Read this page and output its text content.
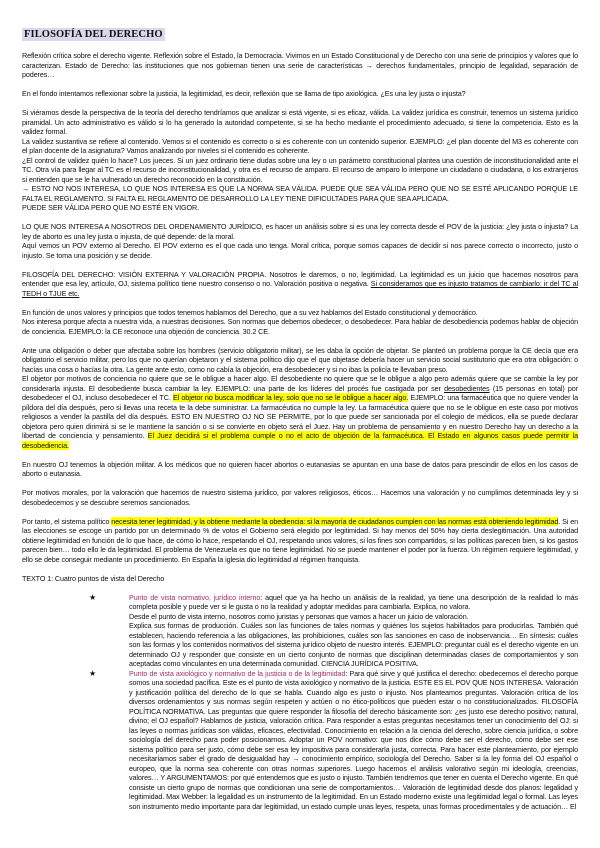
FILOSOFÍA DEL DERECHO

Reflexión crítica sobre el derecho vigente. Reflexión sobre el Estado, la Democracia. Vivimos en un Estado Constitucional y de Derecho con una serie de principios y valores que lo caracterizan. Estado de Derecho: las instituciones que nos gobiernan tienen una serie de características → derechos fundamentales, principio de legalidad, separación de poderes…

En el fondo intentamos reflexionar sobre la justicia, la legitimidad, es decir, reflexión que se llama de tipo axiológica. ¿Es una ley justa o injusta?

Si viéramos desde la perspectiva de la teoría del derecho tendríamos que analizar si está vigente, si es eficaz, válida. La validez jurídica es construir, tenemos un sistema jurídico piramidal. Un acto administrativo es válido si lo ha generado la autoridad competente, si se ha hecho mediante el procedimiento adecuado, si tiene la competencia. Esto es la validez formal.

La validez sustantiva se refiere al contenido. Vemos si el contenido es correcto o si es coherente con un contenido superior. EJEMPLO: ¿el plan docente del M3 es coherente con el plan docente de la asignatura? Vamos analizando por niveles si el contenido es coherente.

¿El control de validez quién lo hace? Los jueces. Si un juez ordinario tiene dudas sobre una ley o un parámetro constitucional plantea una cuestión de inconstitucionalidad ante el TC. Otra vía para llegar al TC es el recurso de inconstitucionalidad, y otra es el recurso de amparo. El recurso de amparo lo interpone un ciudadano o ciudadana, o los extranjeros si entienden que se le ha vulnerado un derecho reconocido en la constitución.

→ ESTO NO NOS INTERESA, LO QUE NOS INTERESA ES QUE LA NORMA SEA VÁLIDA. PUEDE QUE SEA VÁLIDA PERO QUE NO SE ESTÉ APLICANDO PORQUE LE FALTA EL REGLAMENTO. SI FALTA EL REGLAMENTO DE DESARROLLO LA LEY TIENE DIFICULTADES PARA QUE SEA APLICADA.

PUEDE SER VÁLIDA PERO QUE NO ESTÉ EN VIGOR.

LO QUE NOS INTERESA A NOSOTROS DEL ORDENAMIENTO JURÍDICO, es hacer un análisis sobre si es una ley correcta desde el POV de la justicia: ¿ley justa o injusta? La ley de aborto es una ley justa o injusta, de qué depende: de la moral.

Aquí vemos un POV externo al Derecho. El POV externo es el que cada uno tenga. Moral crítica, porque somos capaces de decidir si nos parece correcto o incorrecto, justo o injusto. Se toma una posición y se decide.

FILOSOFÍA DEL DERECHO: VISIÓN EXTERNA Y VALORACIÓN PROPIA. Nosotros le daremos, o no, legitimidad. La legitimidad es un juicio que hacemos nosotros para entender que esa ley, artículo, OJ, sistema político tiene nuestro consenso o no. Valoración positiva o negativa. Si consideramos que es injusto tratamos de cambiarlo: ir del TC al TEDH o TJUE etc.

En función de unos valores y principios que todos tenemos hablamos del Derecho, que a su vez hablamos del Estado constitucional y democrático.

Nos interesa porque afecta a nuestra vida, a nuestras decisiones. Son normas que debemos obedecer, o desobedecer. Para hablar de desobediencia podemos hablar de objeción de conciencia. EJEMPLO: la CE reconoce una objeción de conciencia. 30.2 CE.

Ante una obligación o deber que afectaba sobre los hombres (servicio obligatorio militar), se les daba la opción de objetar. Se planteó un problema porque la CE decía que era obligatorio el servicio militar, pero los que no querían objetaron y el sistema político dijo que el que objetase debería hacer un servicio social sustitutorio que era otra obligación: o hacías una cosa o hacías la otra. La gente ante esto, como no cabía la objeción, era desobedecer y si no ibas la policía te llevaban preso.

El objetor por motivos de conciencia no quiere que se le obligue a hacer algo. El desobediente no quiere que se le obligue a algo pero además quiere que se cambie la ley por considerarla injusta. El desobediente busca cambiar la ley. EJEMPLO: una parte de los líderes del procés fue castigada por ser desobedientes (15 personas en total) por desobedecer el OJ, incluso desobedecer el TC. El objetor no busca modificar la ley, solo que no se le obligue a hacer algo. EJEMPLO: una farmacéutica que no quiere vender la píldora del día después, pero si llevas una receta te la debe suministrar. La farmacéutica no cumple la ley. La farmacéutica quiere que no se le obligue en este caso por motivos religiosos a vender la pastilla del día después. ESTO EN NUESTRO OJ NO SE PERMITE, por lo que puede ser sancionada por el colegio de médicos, ella se puede declarar objetora pero quien dirimirá si se le mantiene la sanción o si se convierte en objeto será el Juez. Hay un problema de pensamiento y en nuestro Derecho hay un derecho a la libertad de conciencia y pensamiento. El Juez decidirá si el problema cumple o no el acto de objeción de la farmacéutica. El Estado en algunos casos puede permitir la desobediencia.

En nuestro OJ tenemos la objeción militar. A los médicos que no quieren hacer abortos o eutanasias se apuntan en una base de datos para prescindir de ellos en los casos de aborto o eutanasia.

Por motivos morales, por la valoración que hacemos de nuestro sistema jurídico, por valores religiosos, éticos… Hacemos una valoración y no cumplimos determinada ley y si desobedecemos y se descubre seremos sancionados.

Por tanto, el sistema político necesita tener legitimidad, y la obtiene mediante la obediencia: si la mayoría de ciudadanos cumplen con las normas está obteniendo legitimidad. Si en las elecciones se escoge un partido por un determinado % de votos el Gobierno será elegido por legitimidad. Si hay menos del 50% hay cierta deslegitimación. Una autoridad obtiene legitimidad en función de lo que hace, de cómo lo hace, respetando el OJ, respetando unos valores, si los fines son compartidos, si las políticas parecen bien, si los gastos parecen bien… todo ello le da legitimidad. El problema de Venezuela es que no tiene legitimidad. No se puede mantener el poder por la fuerza. Un régimen requiere legitimidad, y ello se debe conseguir mediante un procedimiento. En España la iglesia dio legitimidad al régimen franquista.

TEXTO 1: Cuatro puntos de vista del Derecho

★	Punto de vista normativo, jurídico interno: aquel que ya ha hecho un análisis de la realidad, ya tiene una descripción de la realidad lo más completa posible y puede ver si le gusta o no la realidad y adoptar medidas para cambiarla. Explica, no valora.
Desde el punto de vista interno, nosotros como juristas y personas que vamos a hacer un juicio de valoración.
Explica sus formas de producción. Cuáles son las funciones de tales normas y quiénes los sujetos habilitados para producirlas. También qué establecen, haciendo referencia a las obligaciones, las prohibiciones, cuáles son las sanciones en caso de inobservancia… En síntesis: cuáles son las formas y los contenidos normativos del sistema jurídico objeto de nuestro interés. EJEMPLO: preguntar cuál es el derecho vigente en un determinado OJ y responder que consiste en un cierto conjunto de normas que disciplinan determinadas clases de comportamientos y son aceptadas como vinculantes en una determinada comunidad. CIENCIA JURÍDICA POSITIVA.
★	Punto de vista axiológico y normativo de la justicia o de la legitimidad: Para qué sirve y qué justifica el derecho: obedecemos el derecho porque somos una sociedad pacífica. Este es el punto de vista axiológico y normativo de la justicia. ESTE ES EL POV QUE NOS INTERESA. Valoración y justificación política del derecho de lo que se habla. Cuando algo es justo o injusto. Nos planteamos preguntas. Valoración crítica de los diversos ordenamientos y sus normas según respeten y actúen o no ético-políticos que pueden estar o no constitucionalizados. FILOSOFÍA POLÍTICA NORMATIVA. Las preguntas que quiere responder la filosofía del derecho básicamente son: ¿es justo ese derecho positivo; natural, divino; el OJ español? Hablamos de justicia, valoración crítica. Para responder a estas preguntas necesitamos tener un conocimiento del OJ: si las leyes o normas jurídicas son válidas, eficaces, efectividad. Conocimiento en relación a la ciencia del derecho, sobre ciencia jurídica, o sobre sociología del derecho para poder posicionarnos. Adoptar un POV normativo: que nos dice cómo debe ser el derecho, cómo debe ser ese sistema político para ser justo, cómo debe ser esa ley impositiva para considerarla justa, correcta. Para hacer este planteamiento, por ejemplo necesitaríamos saber el grado de desigualdad hay → conocimiento empírico, sociología del Derecho. Saber si la ley forma del OJ español o europeo, que la norma sea coherente con otras normas superiores. Luego hacemos el análisis valorativo según mi ideología, creencias, valores… Y ARGUMENTAMOS: por qué entendemos que es justo o injusto. También tendremos que tener en cuenta el Derecho vigente. En qué consiste un cierto grupo de normas que condicionan una serie de comportamientos… Valoración de legitimidad desde dos planos: legalidad y legitimidad. Max Webber: la legalidad es un instrumento de la legitimidad. En un Estado moderno existe una legitimidad legal o formal. Las leyes son instrumento medio importante para dar legitimidad, un estado cumple unas leyes, respeta, unas formas procedimentales y de actuación… El
